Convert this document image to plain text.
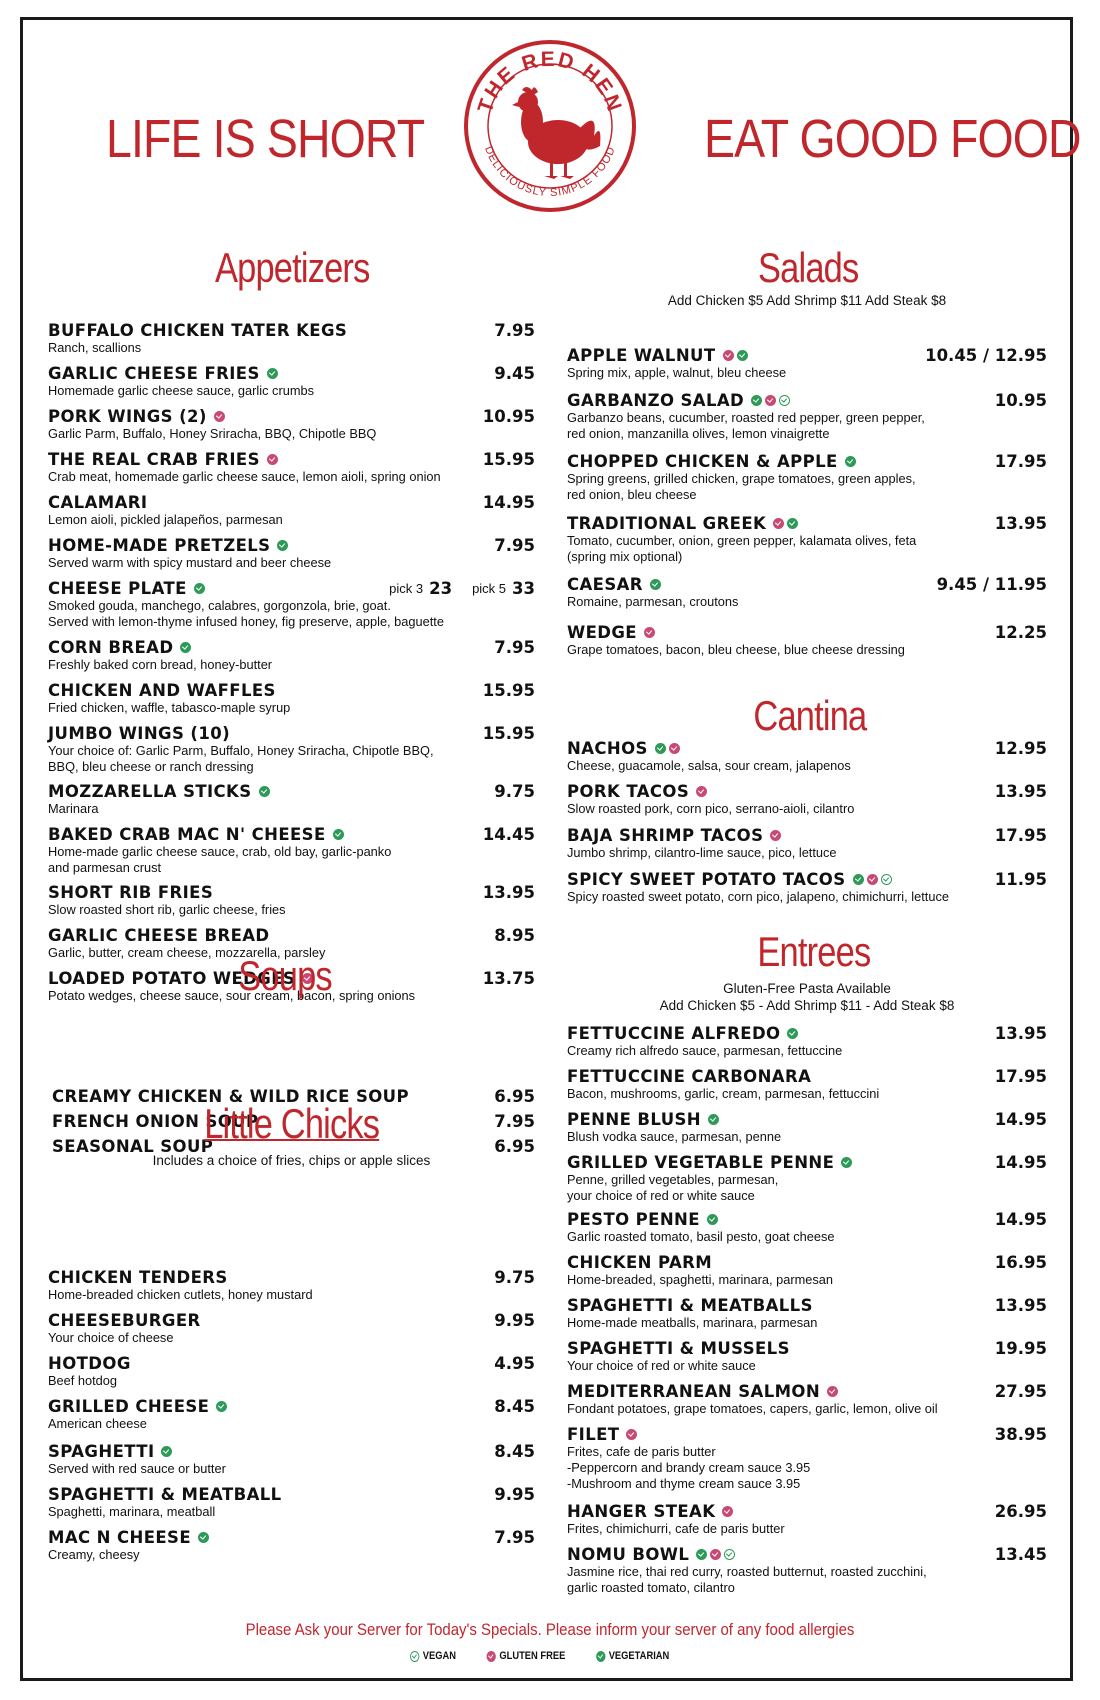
LIFE IS SHORT	EAT GOOD FOOD
THE RED HEN
DELICIOUSLY SIMPLE FOOD
Appetizers
BUFFALO CHICKEN TATER KEGS	7.95
Ranch, scallions
GARLIC CHEESE FRIES	9.45
Homemade garlic cheese sauce, garlic crumbs
PORK WINGS (2)	10.95
Garlic Parm, Buffalo, Honey Sriracha, BBQ, Chipotle BBQ
THE REAL CRAB FRIES	15.95
Crab meat, homemade garlic cheese sauce, lemon aioli, spring onion
CALAMARI	14.95
Lemon aioli, pickled jalapeños, parmesan
HOME-MADE PRETZELS	7.95
Served warm with spicy mustard and beer cheese
CHEESE PLATE	pick 3 23 pick 5 33
Smoked gouda, manchego, calabres, gorgonzola, brie, goat.
Served with lemon-thyme infused honey, fig preserve, apple, baguette
CORN BREAD	7.95
Freshly baked corn bread, honey-butter
CHICKEN AND WAFFLES	15.95
Fried chicken, waffle, tabasco-maple syrup
JUMBO WINGS (10)	15.95
Your choice of: Garlic Parm, Buffalo, Honey Sriracha, Chipotle BBQ,
BBQ, bleu cheese or ranch dressing
MOZZARELLA STICKS	9.75
Marinara
BAKED CRAB MAC N' CHEESE	14.45
Home-made garlic cheese sauce, crab, old bay, garlic-panko
and parmesan crust
SHORT RIB FRIES	13.95
Slow roasted short rib, garlic cheese, fries
GARLIC CHEESE BREAD	8.95
Garlic, butter, cream cheese, mozzarella, parsley
LOADED POTATO WEDGES	13.75
Potato wedges, cheese sauce, sour cream, bacon, spring onions
Soups
CREAMY CHICKEN & WILD RICE SOUP	6.95
FRENCH ONION SOUP	7.95
SEASONAL SOUP	6.95
Little Chicks
Includes a choice of fries, chips or apple slices
CHICKEN TENDERS	9.75
Home-breaded chicken cutlets, honey mustard
CHEESEBURGER	9.95
Your choice of cheese
HOTDOG	4.95
Beef hotdog
GRILLED CHEESE	8.45
American cheese
SPAGHETTI	8.45
Served with red sauce or butter
SPAGHETTI & MEATBALL	9.95
Spaghetti, marinara, meatball
MAC N CHEESE	7.95
Creamy, cheesy
Salads
Add Chicken $5 Add Shrimp $11 Add Steak $8
APPLE WALNUT	10.45 / 12.95
Spring mix, apple, walnut, bleu cheese
GARBANZO SALAD	10.95
Garbanzo beans, cucumber, roasted red pepper, green pepper,
red onion, manzanilla olives, lemon vinaigrette
CHOPPED CHICKEN & APPLE	17.95
Spring greens, grilled chicken, grape tomatoes, green apples,
red onion, bleu cheese
TRADITIONAL GREEK	13.95
Tomato, cucumber, onion, green pepper, kalamata olives, feta
(spring mix optional)
CAESAR	9.45 / 11.95
Romaine, parmesan, croutons
WEDGE	12.25
Grape tomatoes, bacon, bleu cheese, blue cheese dressing
Cantina
NACHOS	12.95
Cheese, guacamole, salsa, sour cream, jalapenos
PORK TACOS	13.95
Slow roasted pork, corn pico, serrano-aioli, cilantro
BAJA SHRIMP TACOS	17.95
Jumbo shrimp, cilantro-lime sauce, pico, lettuce
SPICY SWEET POTATO TACOS	11.95
Spicy roasted sweet potato, corn pico, jalapeno, chimichurri, lettuce
Entrees
Gluten-Free Pasta Available
Add Chicken $5 - Add Shrimp $11 - Add Steak $8
FETTUCCINE ALFREDO	13.95
Creamy rich alfredo sauce, parmesan, fettuccine
FETTUCCINE CARBONARA	17.95
Bacon, mushrooms, garlic, cream, parmesan, fettuccini
PENNE BLUSH	14.95
Blush vodka sauce, parmesan, penne
GRILLED VEGETABLE PENNE	14.95
Penne, grilled vegetables, parmesan,
your choice of red or white sauce
PESTO PENNE	14.95
Garlic roasted tomato, basil pesto, goat cheese
CHICKEN PARM	16.95
Home-breaded, spaghetti, marinara, parmesan
SPAGHETTI & MEATBALLS	13.95
Home-made meatballs, marinara, parmesan
SPAGHETTI & MUSSELS	19.95
Your choice of red or white sauce
MEDITERRANEAN SALMON	27.95
Fondant potatoes, grape tomatoes, capers, garlic, lemon, olive oil
FILET	38.95
Frites, cafe de paris butter
-Peppercorn and brandy cream sauce 3.95
-Mushroom and thyme cream sauce 3.95
HANGER STEAK	26.95
Frites, chimichurri, cafe de paris butter
NOMU BOWL	13.45
Jasmine rice, thai red curry, roasted butternut, roasted zucchini,
garlic roasted tomato, cilantro
Please Ask your Server for Today's Specials. Please inform your server of any food allergies
VEGAN	GLUTEN FREE	VEGETARIAN
